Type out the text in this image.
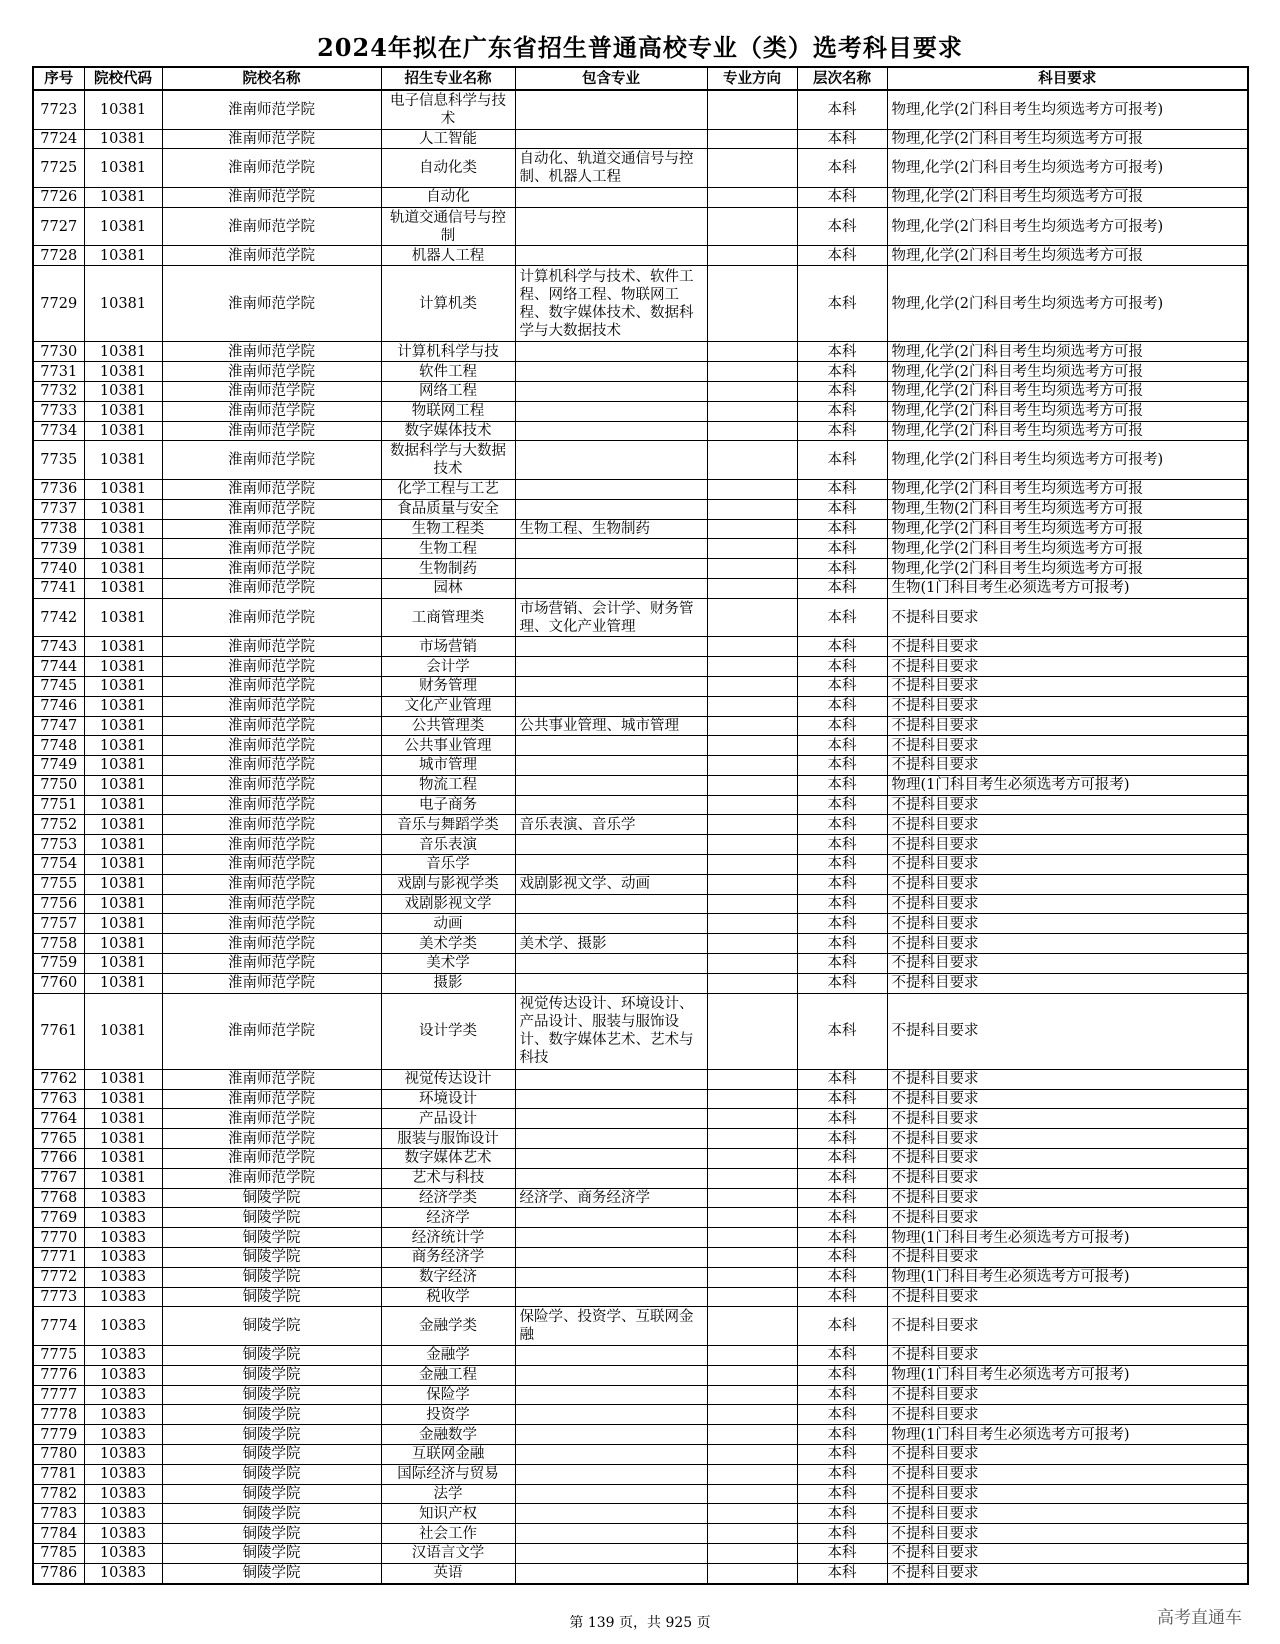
2024年拟在广东省招生普通高校专业（类）选考科目要求
序号	院校代码	院校名称	招生专业名称	包含专业	专业方向	层次名称	科目要求
7723	10381	淮南师范学院	电子信息科学与技术			本科	物理,化学(2门科目考生均须选考方可报考)
7724	10381	淮南师范学院	人工智能			本科	物理,化学(2门科目考生均须选考方可报
7725	10381	淮南师范学院	自动化类	自动化、轨道交通信号与控制、机器人工程		本科	物理,化学(2门科目考生均须选考方可报考)
7726	10381	淮南师范学院	自动化			本科	物理,化学(2门科目考生均须选考方可报
7727	10381	淮南师范学院	轨道交通信号与控制			本科	物理,化学(2门科目考生均须选考方可报考)
7728	10381	淮南师范学院	机器人工程			本科	物理,化学(2门科目考生均须选考方可报
7729	10381	淮南师范学院	计算机类	计算机科学与技术、软件工程、网络工程、物联网工程、数字媒体技术、数据科学与大数据技术		本科	物理,化学(2门科目考生均须选考方可报考)
7730	10381	淮南师范学院	计算机科学与技			本科	物理,化学(2门科目考生均须选考方可报
7731	10381	淮南师范学院	软件工程			本科	物理,化学(2门科目考生均须选考方可报
7732	10381	淮南师范学院	网络工程			本科	物理,化学(2门科目考生均须选考方可报
7733	10381	淮南师范学院	物联网工程			本科	物理,化学(2门科目考生均须选考方可报
7734	10381	淮南师范学院	数字媒体技术			本科	物理,化学(2门科目考生均须选考方可报
7735	10381	淮南师范学院	数据科学与大数据技术			本科	物理,化学(2门科目考生均须选考方可报考)
7736	10381	淮南师范学院	化学工程与工艺			本科	物理,化学(2门科目考生均须选考方可报
7737	10381	淮南师范学院	食品质量与安全			本科	物理,生物(2门科目考生均须选考方可报
7738	10381	淮南师范学院	生物工程类	生物工程、生物制药		本科	物理,化学(2门科目考生均须选考方可报
7739	10381	淮南师范学院	生物工程			本科	物理,化学(2门科目考生均须选考方可报
7740	10381	淮南师范学院	生物制药			本科	物理,化学(2门科目考生均须选考方可报
7741	10381	淮南师范学院	园林			本科	生物(1门科目考生必须选考方可报考)
7742	10381	淮南师范学院	工商管理类	市场营销、会计学、财务管理、文化产业管理		本科	不提科目要求
7743	10381	淮南师范学院	市场营销			本科	不提科目要求
7744	10381	淮南师范学院	会计学			本科	不提科目要求
7745	10381	淮南师范学院	财务管理			本科	不提科目要求
7746	10381	淮南师范学院	文化产业管理			本科	不提科目要求
7747	10381	淮南师范学院	公共管理类	公共事业管理、城市管理		本科	不提科目要求
7748	10381	淮南师范学院	公共事业管理			本科	不提科目要求
7749	10381	淮南师范学院	城市管理			本科	不提科目要求
7750	10381	淮南师范学院	物流工程			本科	物理(1门科目考生必须选考方可报考)
7751	10381	淮南师范学院	电子商务			本科	不提科目要求
7752	10381	淮南师范学院	音乐与舞蹈学类	音乐表演、音乐学		本科	不提科目要求
7753	10381	淮南师范学院	音乐表演			本科	不提科目要求
7754	10381	淮南师范学院	音乐学			本科	不提科目要求
7755	10381	淮南师范学院	戏剧与影视学类	戏剧影视文学、动画		本科	不提科目要求
7756	10381	淮南师范学院	戏剧影视文学			本科	不提科目要求
7757	10381	淮南师范学院	动画			本科	不提科目要求
7758	10381	淮南师范学院	美术学类	美术学、摄影		本科	不提科目要求
7759	10381	淮南师范学院	美术学			本科	不提科目要求
7760	10381	淮南师范学院	摄影			本科	不提科目要求
7761	10381	淮南师范学院	设计学类	视觉传达设计、环境设计、产品设计、服装与服饰设计、数字媒体艺术、艺术与科技		本科	不提科目要求
7762	10381	淮南师范学院	视觉传达设计			本科	不提科目要求
7763	10381	淮南师范学院	环境设计			本科	不提科目要求
7764	10381	淮南师范学院	产品设计			本科	不提科目要求
7765	10381	淮南师范学院	服装与服饰设计			本科	不提科目要求
7766	10381	淮南师范学院	数字媒体艺术			本科	不提科目要求
7767	10381	淮南师范学院	艺术与科技			本科	不提科目要求
7768	10383	铜陵学院	经济学类	经济学、商务经济学		本科	不提科目要求
7769	10383	铜陵学院	经济学			本科	不提科目要求
7770	10383	铜陵学院	经济统计学			本科	物理(1门科目考生必须选考方可报考)
7771	10383	铜陵学院	商务经济学			本科	不提科目要求
7772	10383	铜陵学院	数字经济			本科	物理(1门科目考生必须选考方可报考)
7773	10383	铜陵学院	税收学			本科	不提科目要求
7774	10383	铜陵学院	金融学类	保险学、投资学、互联网金融		本科	不提科目要求
7775	10383	铜陵学院	金融学			本科	不提科目要求
7776	10383	铜陵学院	金融工程			本科	物理(1门科目考生必须选考方可报考)
7777	10383	铜陵学院	保险学			本科	不提科目要求
7778	10383	铜陵学院	投资学			本科	不提科目要求
7779	10383	铜陵学院	金融数学			本科	物理(1门科目考生必须选考方可报考)
7780	10383	铜陵学院	互联网金融			本科	不提科目要求
7781	10383	铜陵学院	国际经济与贸易			本科	不提科目要求
7782	10383	铜陵学院	法学			本科	不提科目要求
7783	10383	铜陵学院	知识产权			本科	不提科目要求
7784	10383	铜陵学院	社会工作			本科	不提科目要求
7785	10383	铜陵学院	汉语言文学			本科	不提科目要求
7786	10383	铜陵学院	英语			本科	不提科目要求
第 139 页，共 925 页	高考直通车
